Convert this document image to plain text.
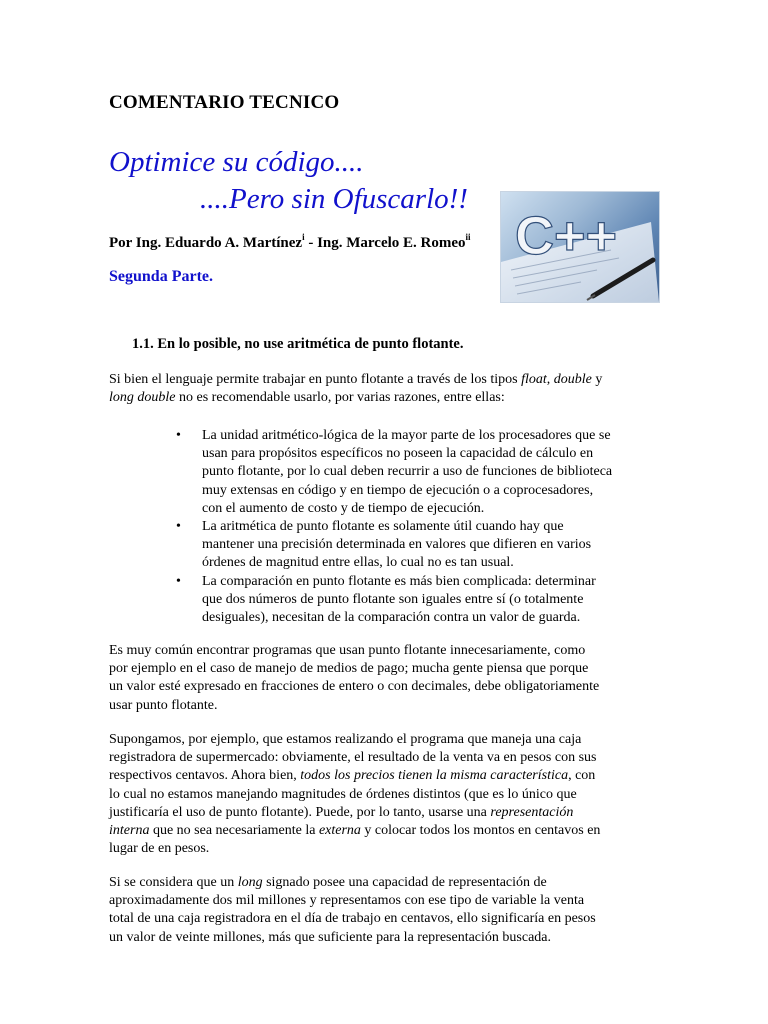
COMENTARIO TECNICO
Optimice su código....
....Pero sin Ofuscarlo!!
Por Ing. Eduardo A. Martínez$^i$ - Ing. Marcelo E. Romeo$^{ii}$
Segunda Parte.
C++
1.1. En lo posible, no use aritmética de punto flotante.
Si bien el lenguaje permite trabajar en punto flotante a través de los tipos float, double y
long double no es recomendable usarlo, por varias razones, entre ellas:
• La unidad aritmético-lógica de la mayor parte de los procesadores que se
usan para propósitos específicos no poseen la capacidad de cálculo en
punto flotante, por lo cual deben recurrir a uso de funciones de biblioteca
muy extensas en código y en tiempo de ejecución o a coprocesadores,
con el aumento de costo y de tiempo de ejecución.
• La aritmética de punto flotante es solamente útil cuando hay que
mantener una precisión determinada en valores que difieren en varios
órdenes de magnitud entre ellas, lo cual no es tan usual.
• La comparación en punto flotante es más bien complicada: determinar
que dos números de punto flotante son iguales entre sí (o totalmente
desiguales), necesitan de la comparación contra un valor de guarda.
Es muy común encontrar programas que usan punto flotante innecesariamente, como
por ejemplo en el caso de manejo de medios de pago; mucha gente piensa que porque
un valor esté expresado en fracciones de entero o con decimales, debe obligatoriamente
usar punto flotante.
Supongamos, por ejemplo, que estamos realizando el programa que maneja una caja
registradora de supermercado: obviamente, el resultado de la venta va en pesos con sus
respectivos centavos. Ahora bien, todos los precios tienen la misma característica, con
lo cual no estamos manejando magnitudes de órdenes distintos (que es lo único que
justificaría el uso de punto flotante). Puede, por lo tanto, usarse una representación
interna que no sea necesariamente la externa y colocar todos los montos en centavos en
lugar de en pesos.
Si se considera que un long signado posee una capacidad de representación de
aproximadamente dos mil millones y representamos con ese tipo de variable la venta
total de una caja registradora en el día de trabajo en centavos, ello significaría en pesos
un valor de veinte millones, más que suficiente para la representación buscada.
